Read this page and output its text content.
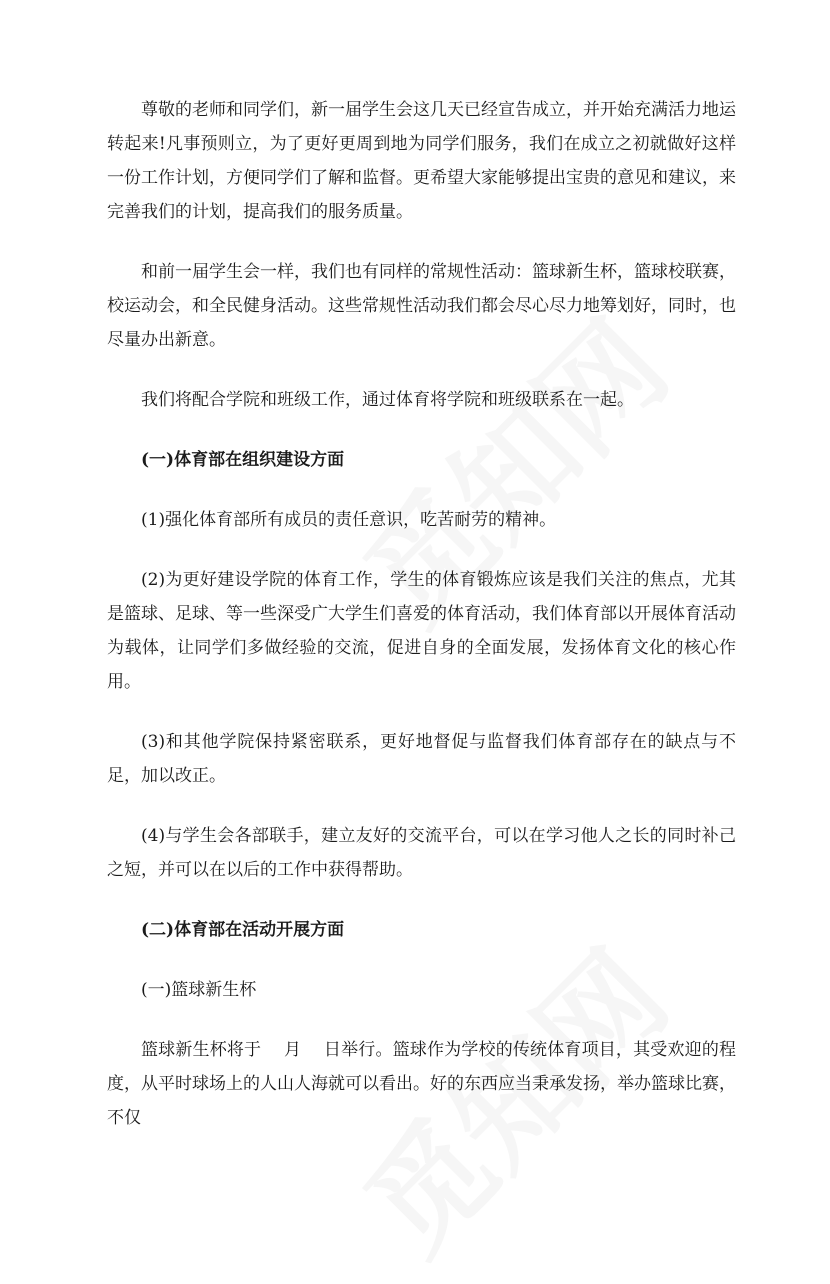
尊敬的老师和同学们，新一届学生会这几天已经宣告成立，并开始充满活力地运转起来!凡事预则立，为了更好更周到地为同学们服务，我们在成立之初就做好这样一份工作计划，方便同学们了解和监督。更希望大家能够提出宝贵的意见和建议，来完善我们的计划，提高我们的服务质量。

和前一届学生会一样，我们也有同样的常规性活动：篮球新生杯，篮球校联赛，校运动会，和全民健身活动。这些常规性活动我们都会尽心尽力地筹划好，同时，也尽量办出新意。

我们将配合学院和班级工作，通过体育将学院和班级联系在一起。

(一)体育部在组织建设方面

(1)强化体育部所有成员的责任意识，吃苦耐劳的精神。

(2)为更好建设学院的体育工作，学生的体育锻炼应该是我们关注的焦点，尤其是篮球、足球、等一些深受广大学生们喜爱的体育活动，我们体育部以开展体育活动为载体，让同学们多做经验的交流，促进自身的全面发展，发扬体育文化的核心作用。

(3)和其他学院保持紧密联系，更好地督促与监督我们体育部存在的缺点与不足，加以改正。

(4)与学生会各部联手，建立友好的交流平台，可以在学习他人之长的同时补己之短，并可以在以后的工作中获得帮助。

(二)体育部在活动开展方面

(一)篮球新生杯

篮球新生杯将于　 月　 日举行。篮球作为学校的传统体育项目，其受欢迎的程度，从平时球场上的人山人海就可以看出。好的东西应当秉承发扬，举办篮球比赛，不仅
